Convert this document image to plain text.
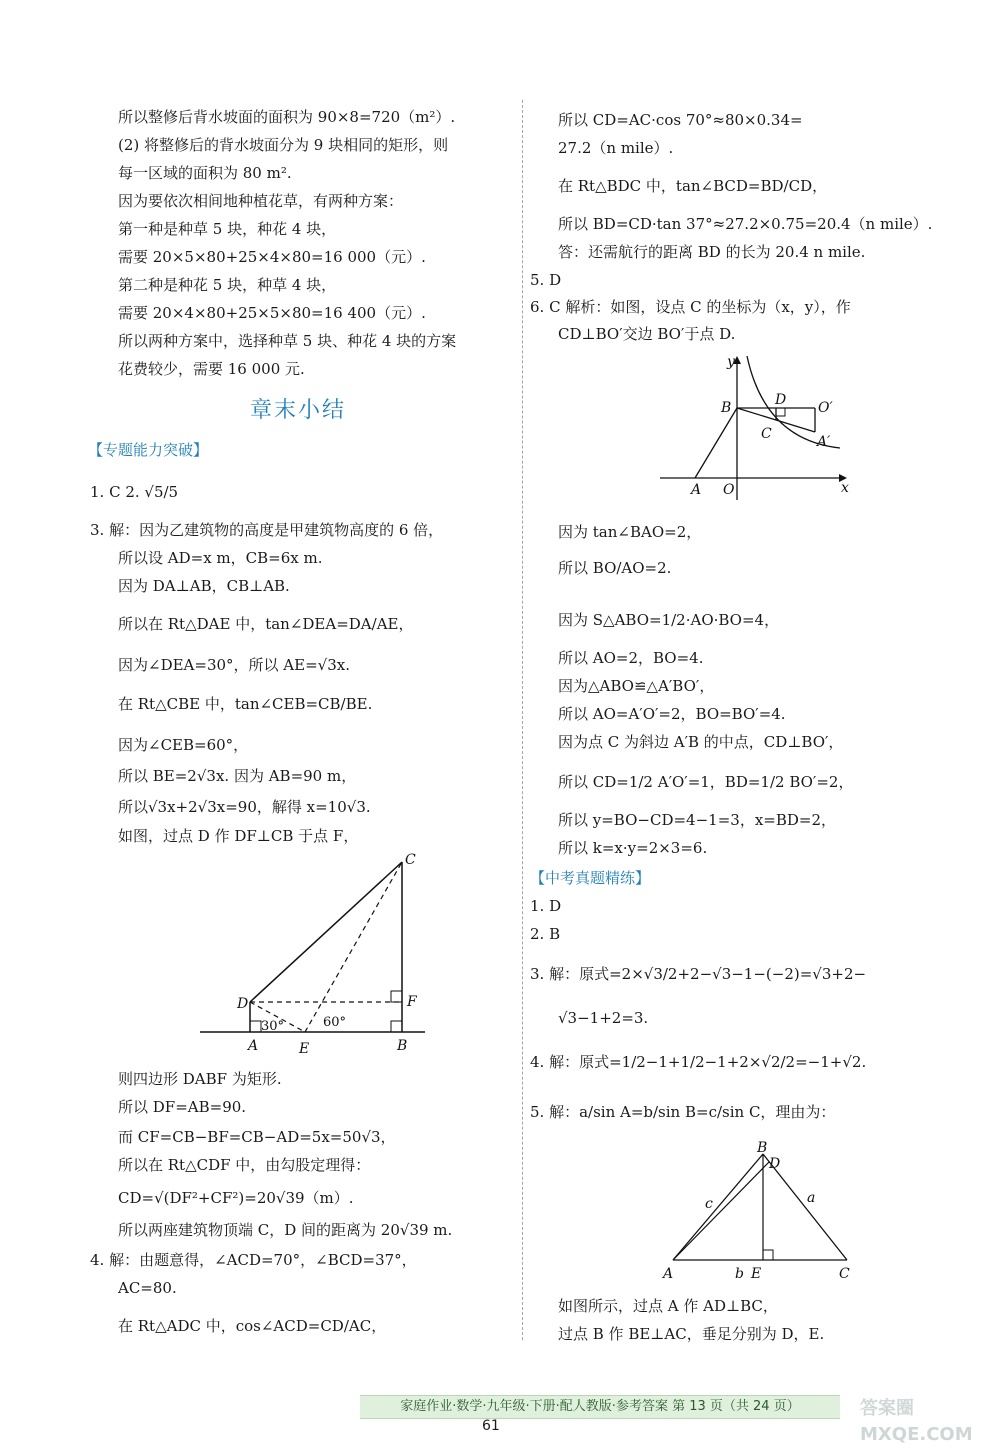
所以整修后背水坡面的面积为 90×8=720（m²）.
(2) 将整修后的背水坡面分为 9 块相同的矩形，则
每一区域的面积为 80 m².
因为要依次相间地种植花草，有两种方案：
第一种是种草 5 块，种花 4 块，
需要 20×5×80+25×4×80=16 000（元）.
第二种是种花 5 块，种草 4 块，
需要 20×4×80+25×5×80=16 400（元）.
所以两种方案中，选择种草 5 块、种花 4 块的方案
花费较少，需要 16 000 元.
章末小结
【专题能力突破】
1. C 2. √5/5
3. 解：因为乙建筑物的高度是甲建筑物高度的 6 倍，
所以设 AD=x m，CB=6x m.
因为 DA⊥AB，CB⊥AB.
所以在 Rt△DAE 中，tan∠DEA=DA/AE，
因为∠DEA=30°，所以 AE=√3x.
在 Rt△CBE 中，tan∠CEB=CB/BE.
因为∠CEB=60°，
所以 BE=2√3x. 因为 AB=90 m，
所以√3x+2√3x=90，解得 x=10√3.
如图，过点 D 作 DF⊥CB 于点 F，
C
D	F
A	E	B
30°	60°
则四边形 DABF 为矩形.
所以 DF=AB=90.
而 CF=CB−BF=CB−AD=5x=50√3，
所以在 Rt△CDF 中，由勾股定理得：
CD=√(DF²+CF²)=20√39（m）.
所以两座建筑物顶端 C，D 间的距离为 20√39 m.
4. 解：由题意得，∠ACD=70°，∠BCD=37°，
AC=80.
在 Rt△ADC 中，cos∠ACD=CD/AC，
所以 CD=AC·cos 70°≈80×0.34=
27.2（n mile）.
在 Rt△BDC 中，tan∠BCD=BD/CD，
所以 BD=CD·tan 37°≈27.2×0.75=20.4（n mile）.
答：还需航行的距离 BD 的长为 20.4 n mile.
5. D
6. C 解析：如图，设点 C 的坐标为（x，y），作
CD⊥BO′交边 BO′于点 D.
y
x
B	D O′
C	A′
A O
因为 tan∠BAO=2，
所以 BO/AO=2.
因为 S△ABO=1/2·AO·BO=4，
所以 AO=2，BO=4.
因为△ABO≌△A′BO′，
所以 AO=A′O′=2，BO=BO′=4.
因为点 C 为斜边 A′B 的中点，CD⊥BO′，
所以 CD=1/2 A′O′=1，BD=1/2 BO′=2，
所以 y=BO−CD=4−1=3，x=BD=2，
所以 k=x·y=2×3=6.
【中考真题精练】
1. D
2. B
3. 解：原式=2×√3/2+2−√3−1−(−2)=√3+2−
√3−1+2=3.
4. 解：原式=1/2−1+1/2−1+2×√2/2=−1+√2.
5. 解：a/sin A=b/sin B=c/sin C，理由为：
B
D
c	a
A	b E	C
如图所示，过点 A 作 AD⊥BC，
过点 B 作 BE⊥AC，垂足分别为 D，E.
家庭作业·数学·九年级·下册·配人教版·参考答案 第 13 页（共 24 页）
61
答案圈 MXQE.COM
